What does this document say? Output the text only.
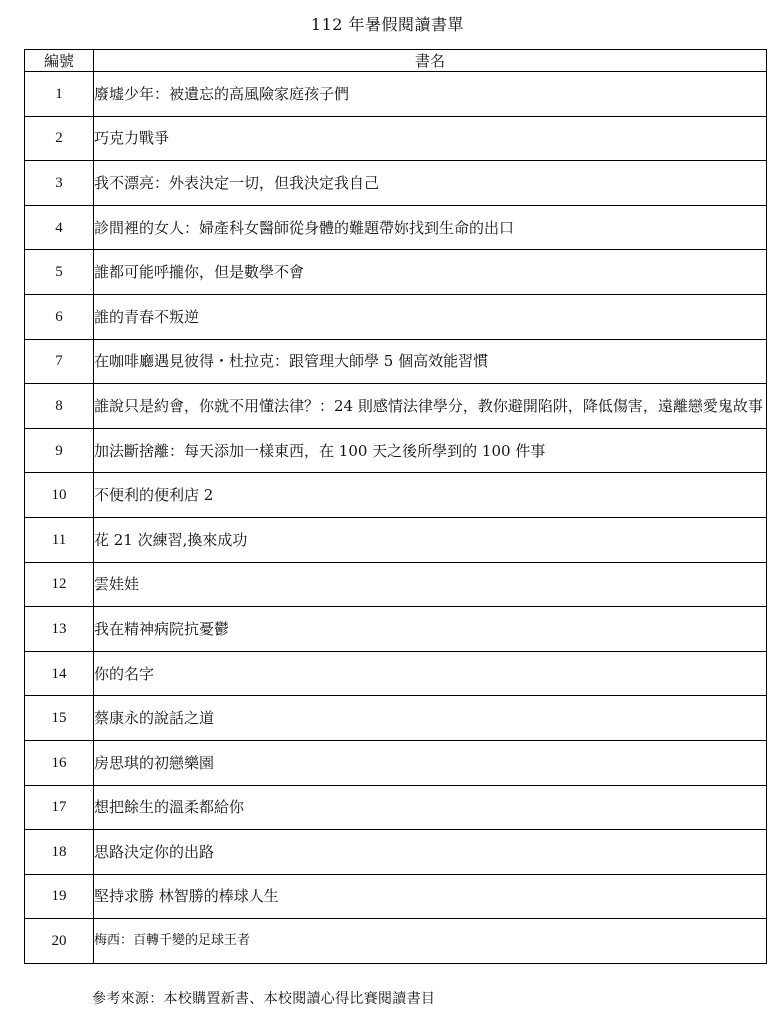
112 年暑假閱讀書單
編號	書名
1	廢墟少年：被遺忘的高風險家庭孩子們
2	巧克力戰爭
3	我不漂亮：外表決定一切，但我決定我自己
4	診間裡的女人：婦產科女醫師從身體的難題帶妳找到生命的出口
5	誰都可能呼攏你，但是數學不會
6	誰的青春不叛逆
7	在咖啡廳遇見彼得・杜拉克：跟管理大師學 5 個高效能習慣
8	誰說只是約會，你就不用懂法律？：24 則感情法律學分，教你避開陷阱，降低傷害，遠離戀愛鬼故事
9	加法斷捨離：每天添加一樣東西，在 100 天之後所學到的 100 件事
10	不便利的便利店 2
11	花 21 次練習,換來成功
12	雲娃娃
13	我在精神病院抗憂鬱
14	你的名字
15	蔡康永的說話之道
16	房思琪的初戀樂園
17	想把餘生的溫柔都給你
18	思路決定你的出路
19	堅持求勝 林智勝的棒球人生
20	梅西：百轉千變的足球王者
參考來源：本校購置新書、本校閱讀心得比賽閱讀書目
